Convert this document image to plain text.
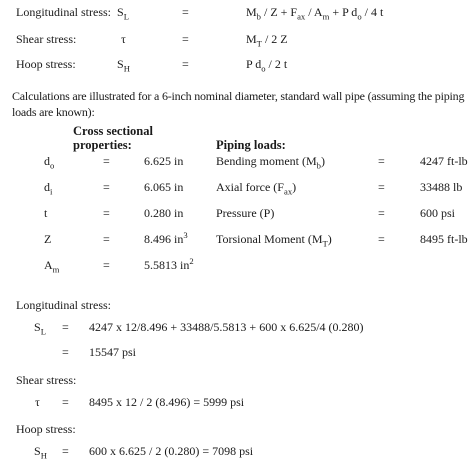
Longitudinal stress: $S_L$	=	$M_b / Z + F_{ax} / A_m + P$ $d_o / 4$ t
Shear stress:	τ	=	$M_T / 2$ Z
Hoop stress:	$S_H$	=	P $d_o / 2$ t
Calculations are illustrated for a 6-inch nominal diameter, standard wall pipe (assuming the piping loads are known):
Cross sectional
properties:	Piping loads:
$d_o$	=	6.625 in	Bending moment $(M_b)$	=	4247 ft-lb
$d_i$	=	6.065 in	Axial force $(F_{ax})$	=	33488 lb
t	=	0.280 in	Pressure (P)	=	600 psi
Z	=	8.496 $in^3$ Torsional Moment $(M_T)$	=	8495 ft-lb
$A_m$	=	5.5813 $in^2$
Longitudinal stress:
$S_L = 4247$ x 12/8.496 + 33488/5.5813 + 600 x 6.625/4 (0.280)
= 15547 psi
Shear stress:
τ = 8495 x 12 / 2 (8.496) = 5999 psi
Hoop stress:
$S_H = 600$ x 6.625 / 2 (0.280) = 7098 psi
